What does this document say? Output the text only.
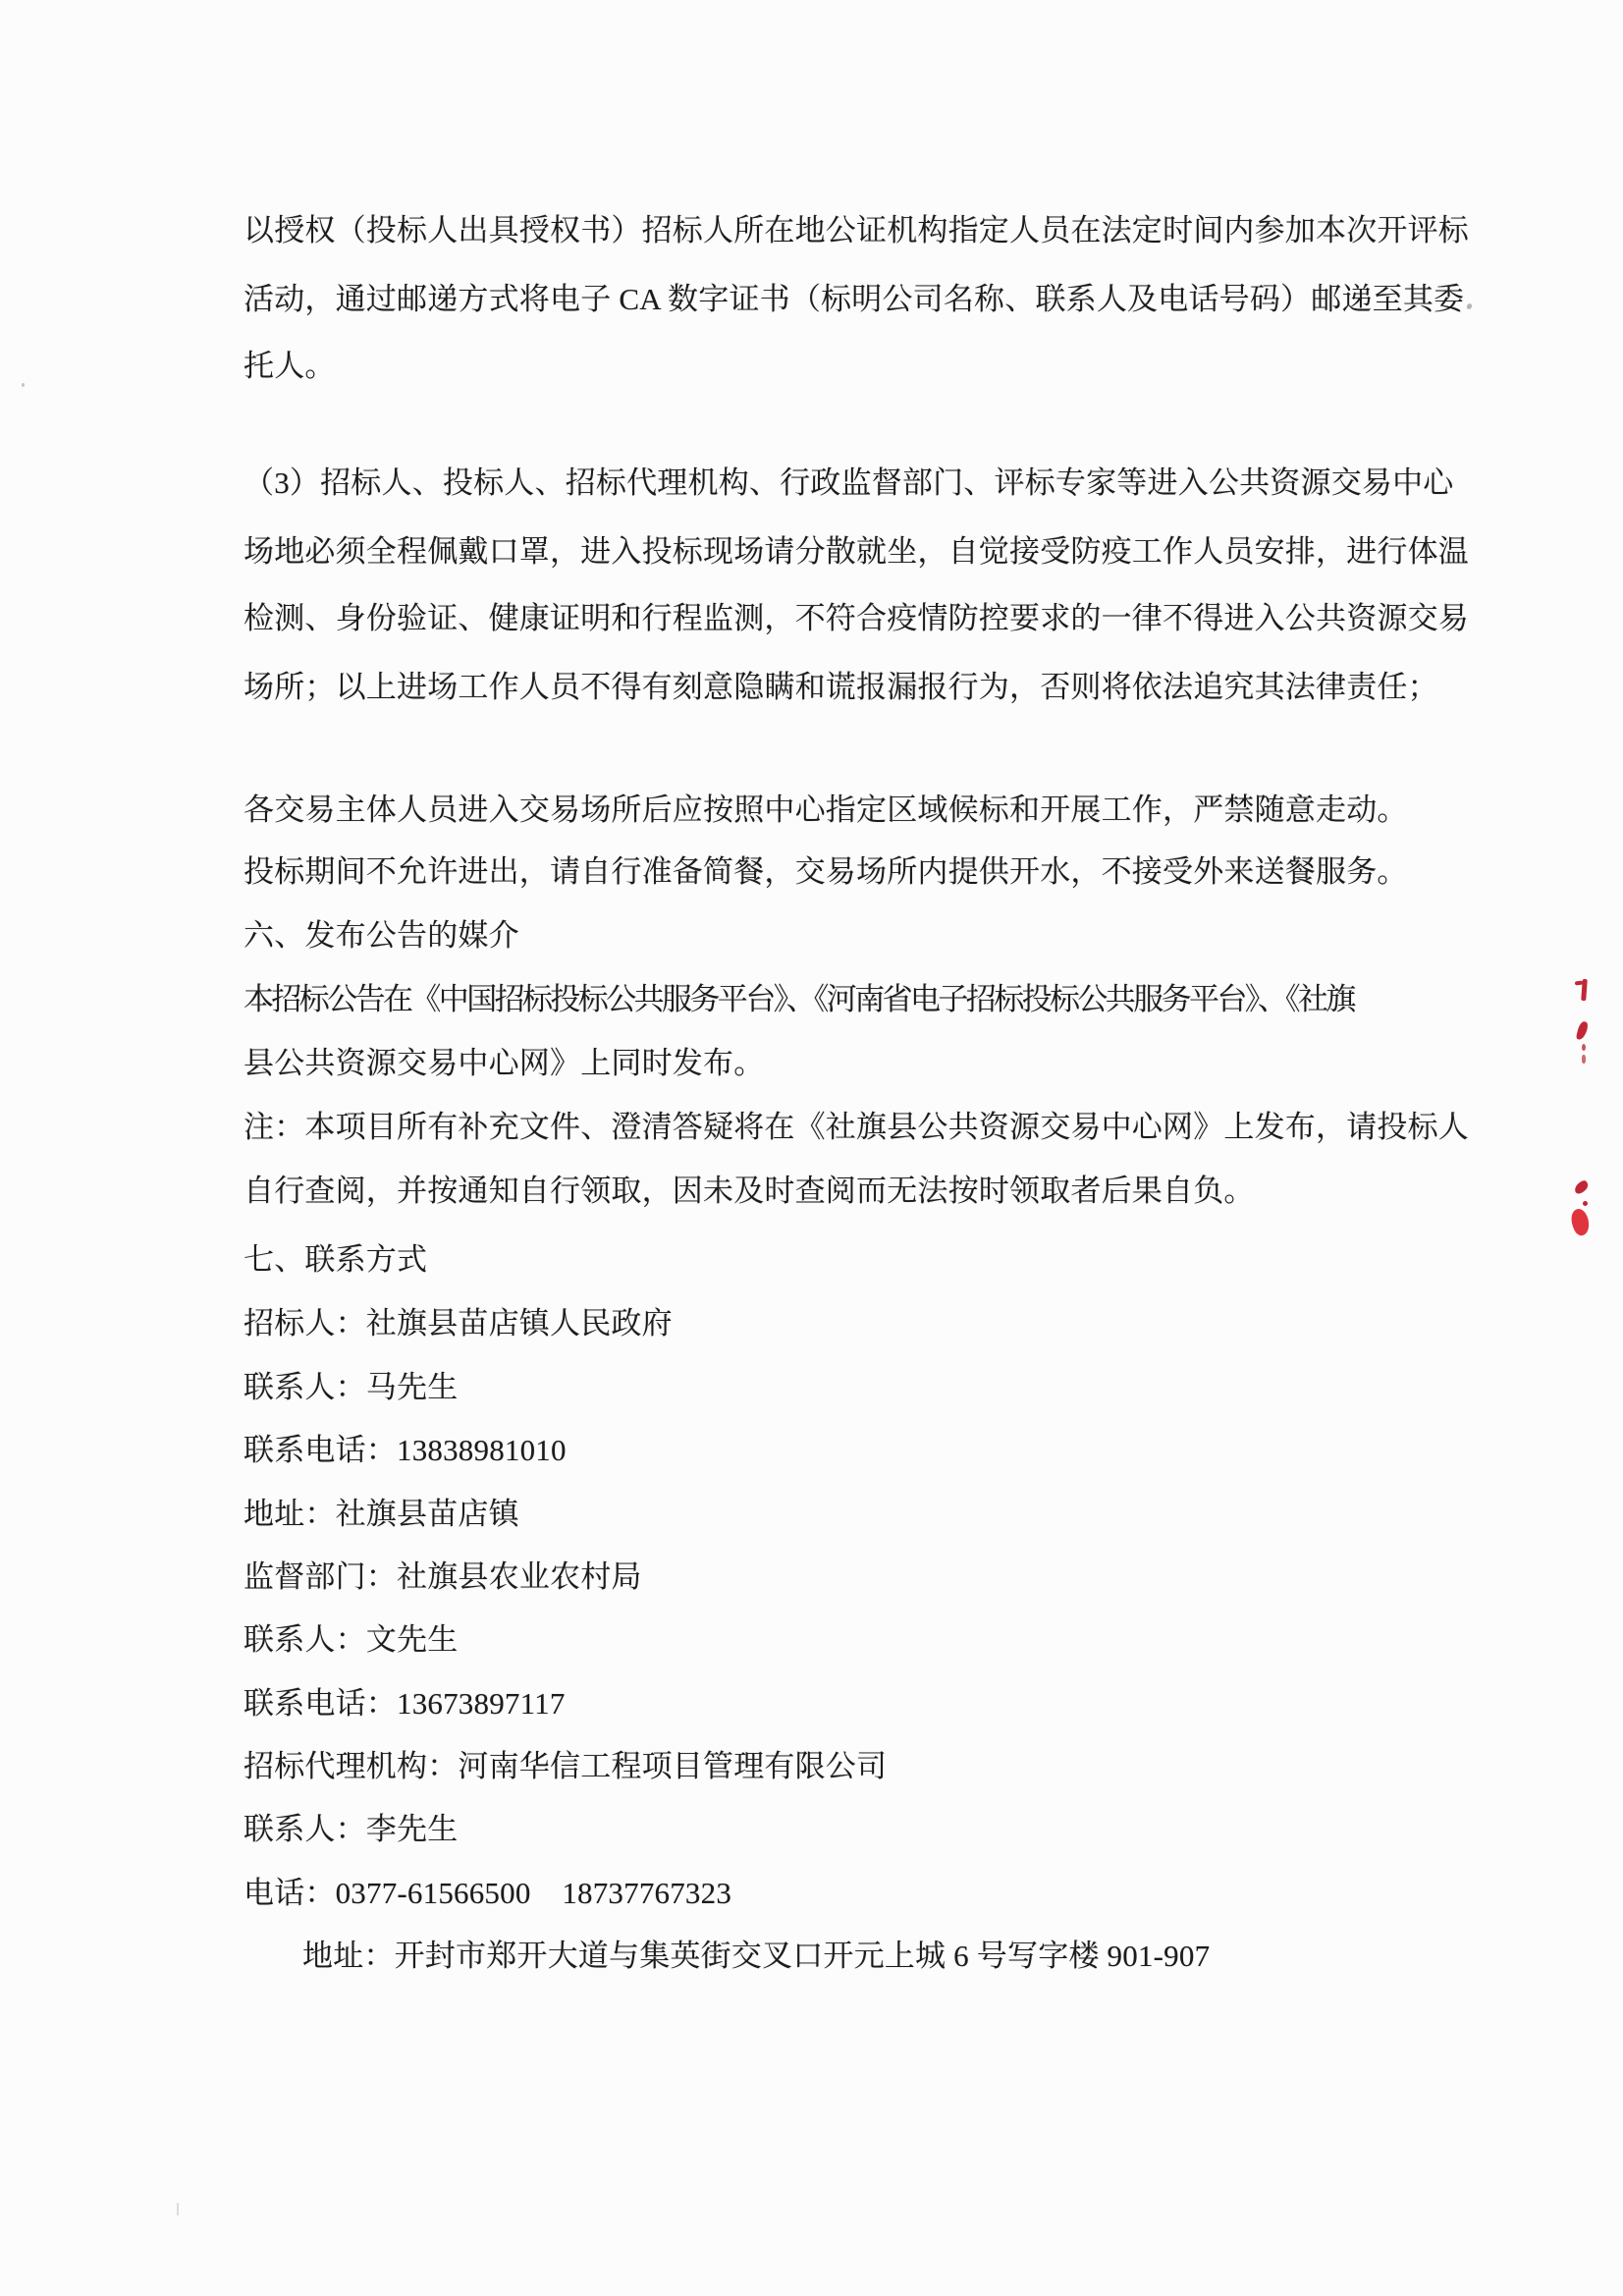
以授权（投标人出具授权书）招标人所在地公证机构指定人员在法定时间内参加本次开评标
活动，通过邮递方式将电子 CA 数字证书（标明公司名称、联系人及电话号码）邮递至其委
托人。
（3）招标人、投标人、招标代理机构、行政监督部门、评标专家等进入公共资源交易中心
场地必须全程佩戴口罩，进入投标现场请分散就坐，自觉接受防疫工作人员安排，进行体温
检测、身份验证、健康证明和行程监测，不符合疫情防控要求的一律不得进入公共资源交易
场所；以上进场工作人员不得有刻意隐瞒和谎报漏报行为，否则将依法追究其法律责任；
各交易主体人员进入交易场所后应按照中心指定区域候标和开展工作，严禁随意走动。
投标期间不允许进出，请自行准备简餐，交易场所内提供开水，不接受外来送餐服务。
六、发布公告的媒介
本招标公告在《中国招标投标公共服务平台》、《河南省电子招标投标公共服务平台》、《社旗
县公共资源交易中心网》上同时发布。
注：本项目所有补充文件、澄清答疑将在《社旗县公共资源交易中心网》上发布，请投标人
自行查阅，并按通知自行领取，因未及时查阅而无法按时领取者后果自负。
七、联系方式
招标人：社旗县苗店镇人民政府
联系人：马先生
联系电话：13838981010
地址：社旗县苗店镇
监督部门：社旗县农业农村局
联系人：文先生
联系电话：13673897117
招标代理机构：河南华信工程项目管理有限公司
联系人：李先生
电话：0377-61566500    18737767323
地址：开封市郑开大道与集英街交叉口开元上城 6 号写字楼 901-907
